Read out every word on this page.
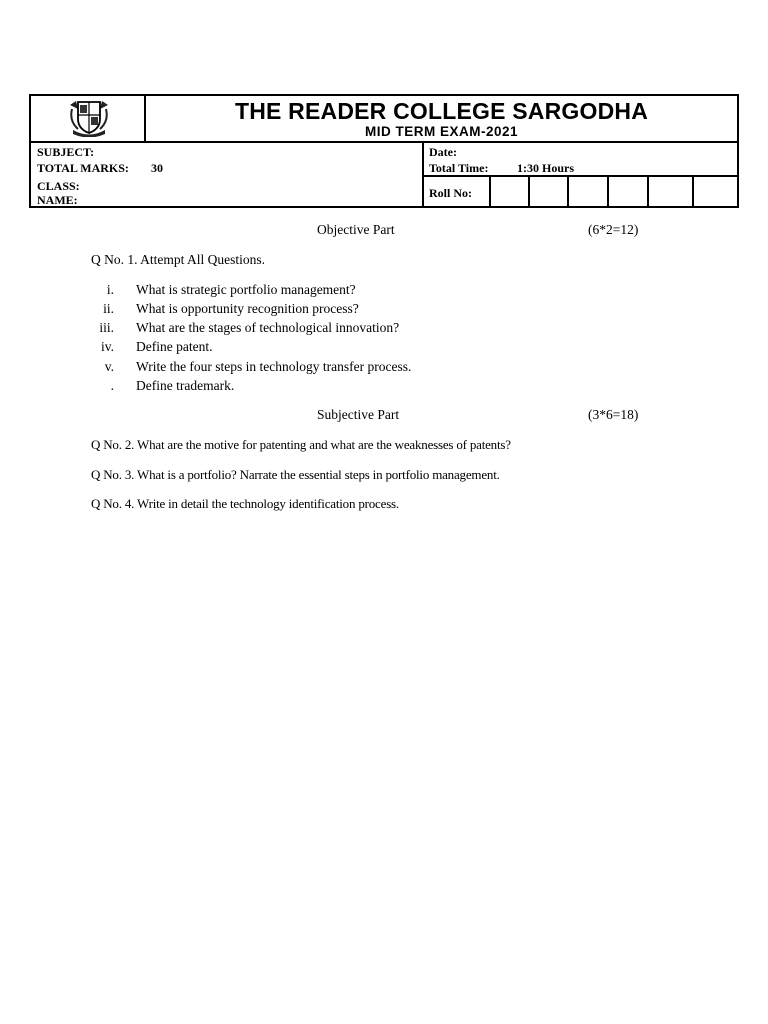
THE READER COLLEGE SARGODHA
MID TERM EXAM-2021
SUBJECT:
TOTAL MARKS: 30
CLASS:
NAME:
Date:
Total Time: 1:30 Hours
Roll No:
Objective Part	(6*2=12)
Q No. 1. Attempt All Questions.
i. What is strategic portfolio management?
ii. What is opportunity recognition process?
iii. What are the stages of technological innovation?
iv. Define patent.
v. Write the four steps in technology transfer process.
. Define trademark.
Subjective Part	(3*6=18)
Q No. 2. What are the motive for patenting and what are the weaknesses of patents?
Q No. 3. What is a portfolio? Narrate the essential steps in portfolio management.
Q No. 4. Write in detail the technology identification process.
